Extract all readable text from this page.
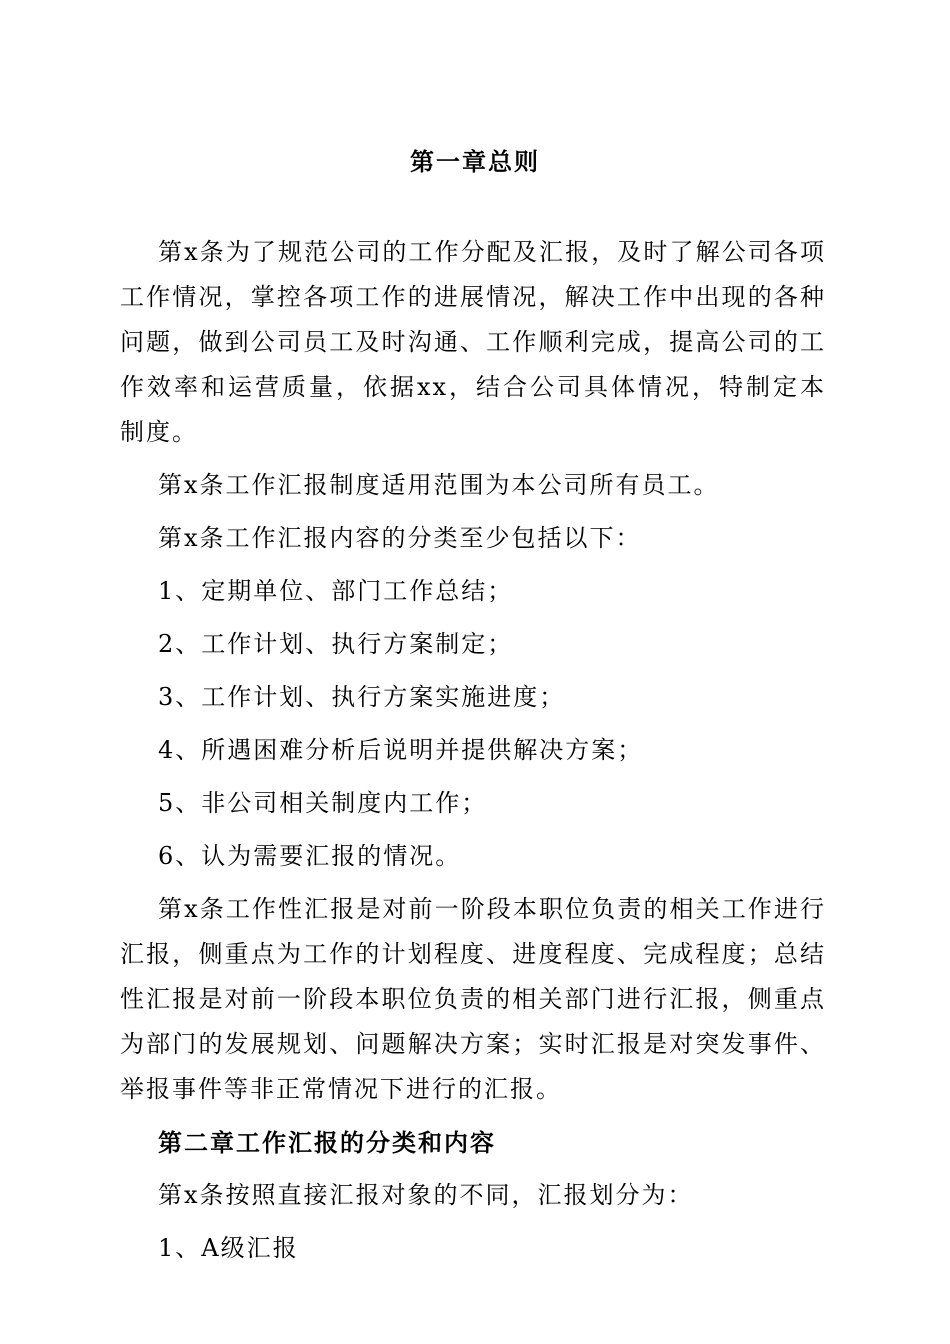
第一章总则

第x条为了规范公司的工作分配及汇报，及时了解公司各项工作情况，掌控各项工作的进展情况，解决工作中出现的各种问题，做到公司员工及时沟通、工作顺利完成，提高公司的工作效率和运营质量，依据xx，结合公司具体情况，特制定本制度。

第x条工作汇报制度适用范围为本公司所有员工。

第x条工作汇报内容的分类至少包括以下：

1、定期单位、部门工作总结；

2、工作计划、执行方案制定；

3、工作计划、执行方案实施进度；

4、所遇困难分析后说明并提供解决方案；

5、非公司相关制度内工作；

6、认为需要汇报的情况。

第x条工作性汇报是对前一阶段本职位负责的相关工作进行汇报，侧重点为工作的计划程度、进度程度、完成程度；总结性汇报是对前一阶段本职位负责的相关部门进行汇报，侧重点为部门的发展规划、问题解决方案；实时汇报是对突发事件、举报事件等非正常情况下进行的汇报。

第二章工作汇报的分类和内容

第x条按照直接汇报对象的不同，汇报划分为：

1、A级汇报
